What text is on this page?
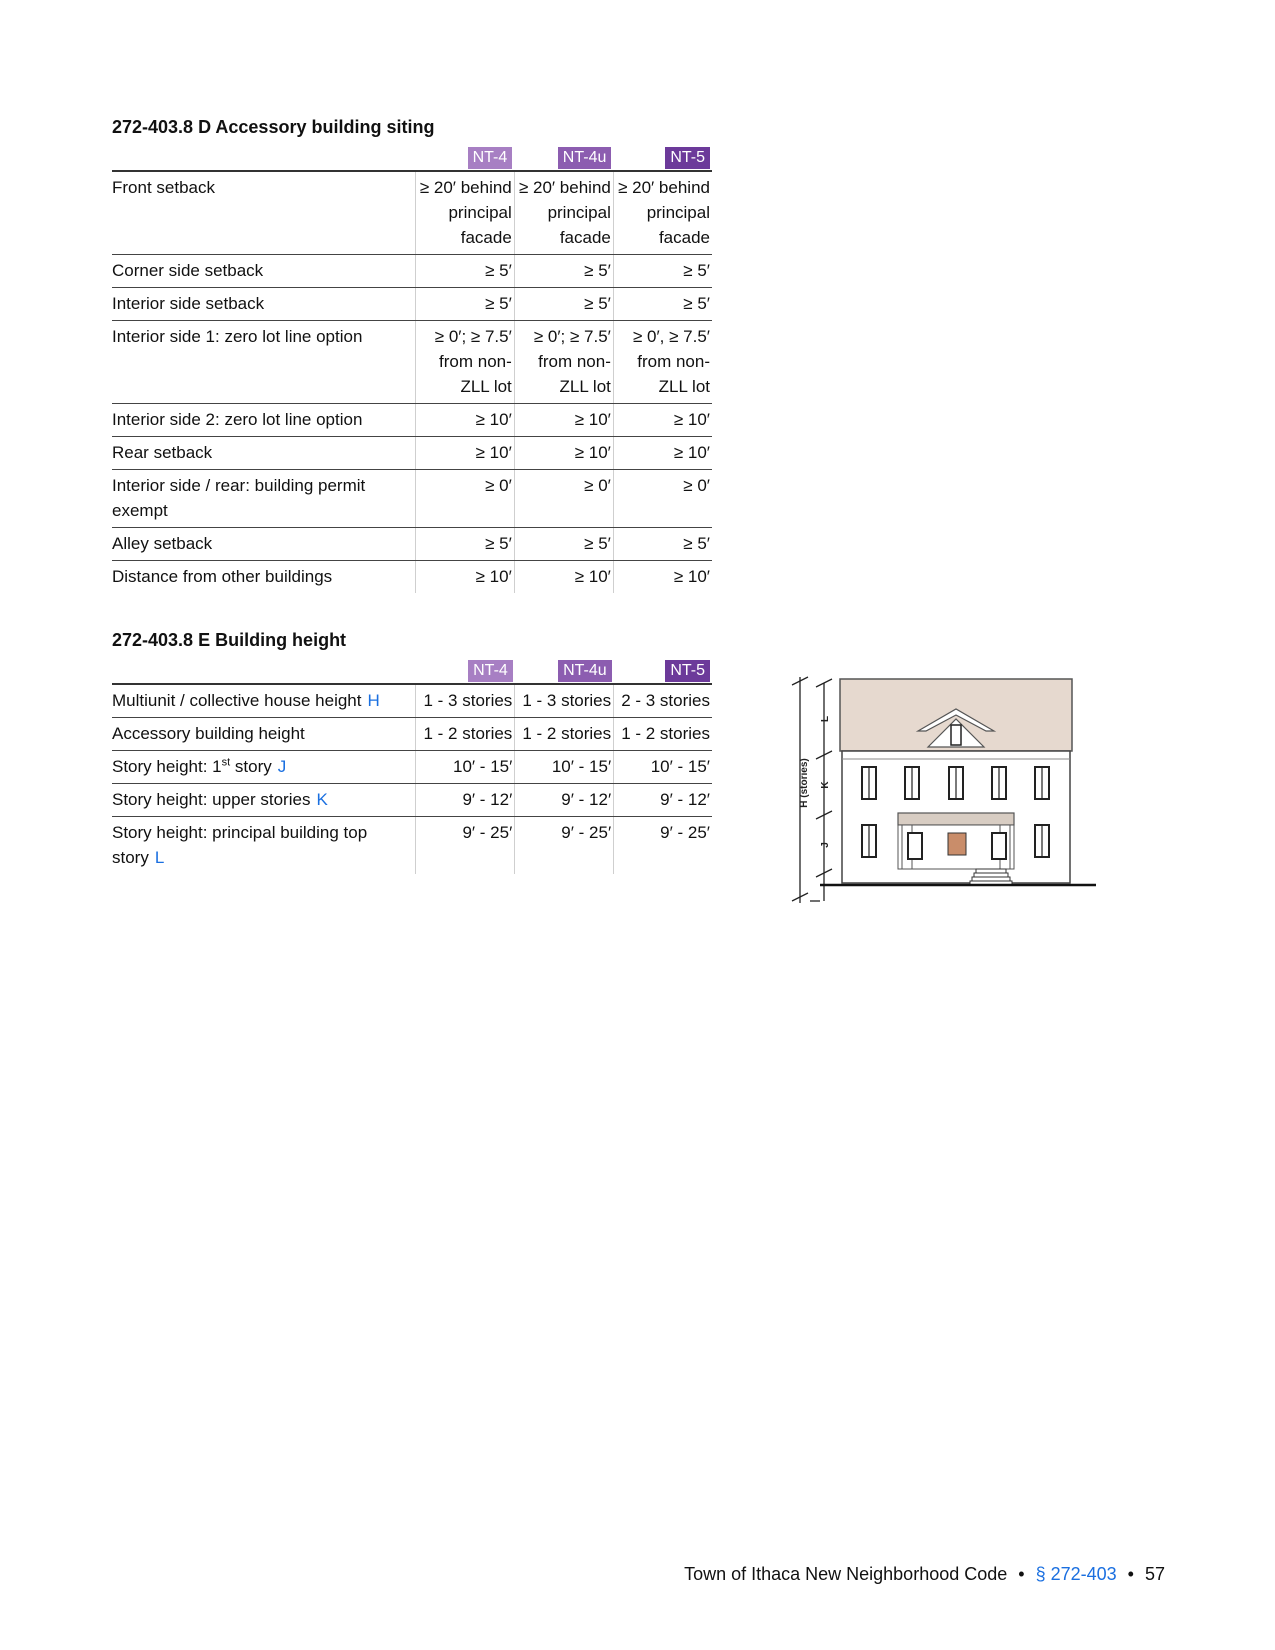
272-403.8 D Accessory building siting
	NT-4	NT-4u	NT-5
Front setback	≥ 20′ behind principal facade	≥ 20′ behind principal facade	≥ 20′ behind principal facade
Corner side setback	≥ 5′	≥ 5′	≥ 5′
Interior side setback	≥ 5′	≥ 5′	≥ 5′
Interior side 1: zero lot line option	≥ 0′; ≥ 7.5′ from non-ZLL lot	≥ 0′; ≥ 7.5′ from non-ZLL lot	≥ 0′, ≥ 7.5′ from non-ZLL lot
Interior side 2: zero lot line option	≥ 10′	≥ 10′	≥ 10′
Rear setback	≥ 10′	≥ 10′	≥ 10′
Interior side / rear: building permit exempt	≥ 0′	≥ 0′	≥ 0′
Alley setback	≥ 5′	≥ 5′	≥ 5′
Distance from other buildings	≥ 10′	≥ 10′	≥ 10′
272-403.8 E Building height
	NT-4	NT-4u	NT-5
Multiunit / collective house height H	1 - 3 stories	1 - 3 stories	2 - 3 stories
Accessory building height	1 - 2 stories	1 - 2 stories	1 - 2 stories
Story height: 1st story J	10′ - 15′	10′ - 15′	10′ - 15′
Story height: upper stories K	9′ - 12′	9′ - 12′	9′ - 12′
Story height: principal building top story L	9′ - 25′	9′ - 25′	9′ - 25′
H (stories)
L
K
J
Town of Ithaca New Neighborhood Code • § 272-403 • 57
